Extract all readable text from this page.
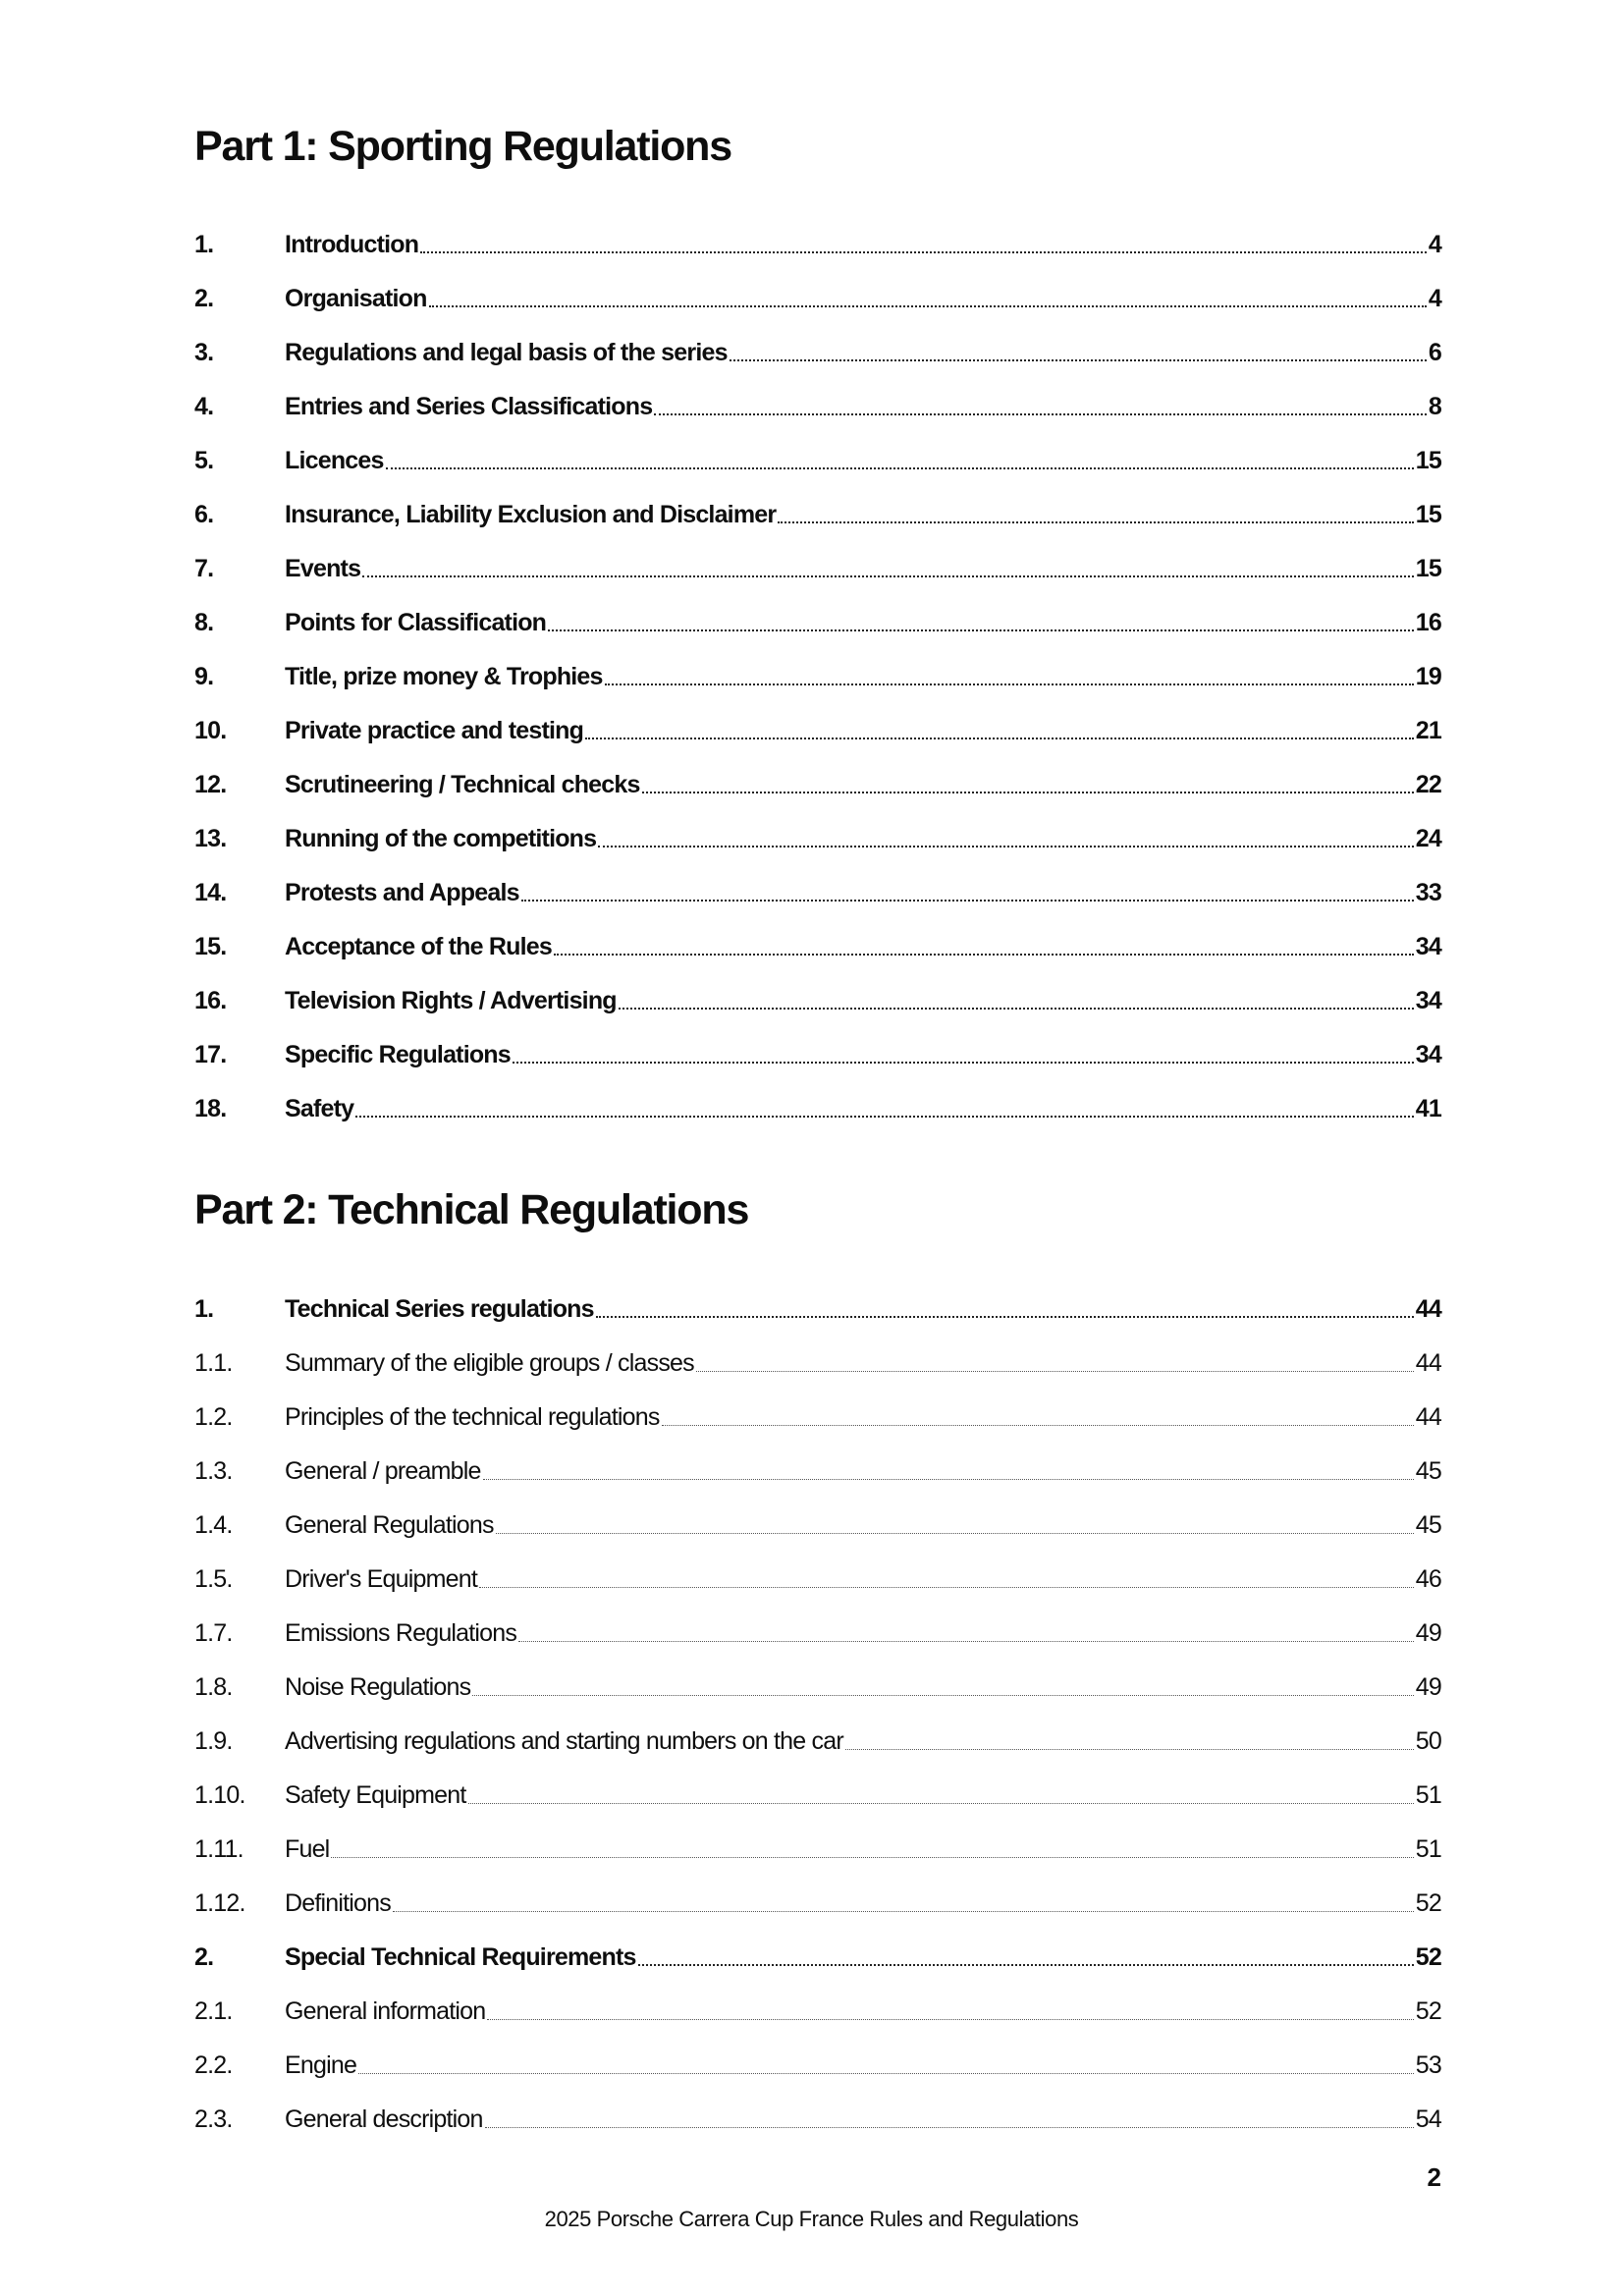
Part 1: Sporting Regulations
1.	Introduction	4
2.	Organisation	4
3.	Regulations and legal basis of the series	6
4.	Entries and Series Classifications	8
5.	Licences	15
6.	Insurance, Liability Exclusion and Disclaimer	15
7.	Events	15
8.	Points for Classification	16
9.	Title, prize money & Trophies	19
10.	Private practice and testing	21
12.	Scrutineering / Technical checks	22
13.	Running of the competitions	24
14.	Protests and Appeals	33
15.	Acceptance of the Rules	34
16.	Television Rights / Advertising	34
17.	Specific Regulations	34
18.	Safety	41
Part 2: Technical Regulations
1.	Technical Series regulations	44
1.1.	Summary of the eligible groups / classes	44
1.2.	Principles of the technical regulations	44
1.3.	General / preamble	45
1.4.	General Regulations	45
1.5.	Driver's Equipment	46
1.7.	Emissions Regulations	49
1.8.	Noise Regulations	49
1.9.	Advertising regulations and starting numbers on the car	50
1.10.	Safety Equipment	51
1.11.	Fuel	51
1.12.	Definitions	52
2.	Special Technical Requirements	52
2.1.	General information	52
2.2.	Engine	53
2.3.	General description	54
2
2025 Porsche Carrera Cup France Rules and Regulations
